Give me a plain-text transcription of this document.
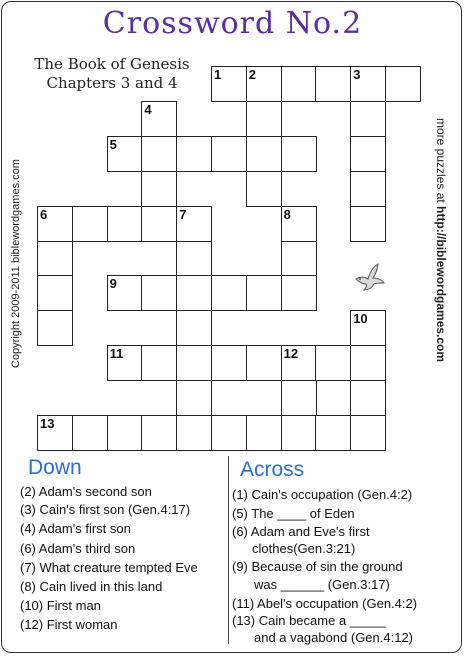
Crossword No.2
The Book of Genesis
Chapters 3 and 4	1 2	3
4
5
6	7	8
9
10
11	12
13
Copyright 2009-2011 biblewordgames.com	more puzzles at http://biblewordgames.com
Down	Across
(2) Adam's second son
(3) Cain's first son (Gen.4:17)
(4) Adam's first son
(6) Adam's third son
(7) What creature tempted Eve
(8) Cain lived in this land
(10) First man
(12) First woman
(1) Cain's occupation (Gen.4:2)
(5) The ____ of Eden
(6) Adam and Eve's first
clothes(Gen.3:21)
(9) Because of sin the ground
was ______ (Gen.3:17)
(11) Abel's occupation (Gen.4:2)
(13) Cain became a _____
and a vagabond (Gen.4:12)
